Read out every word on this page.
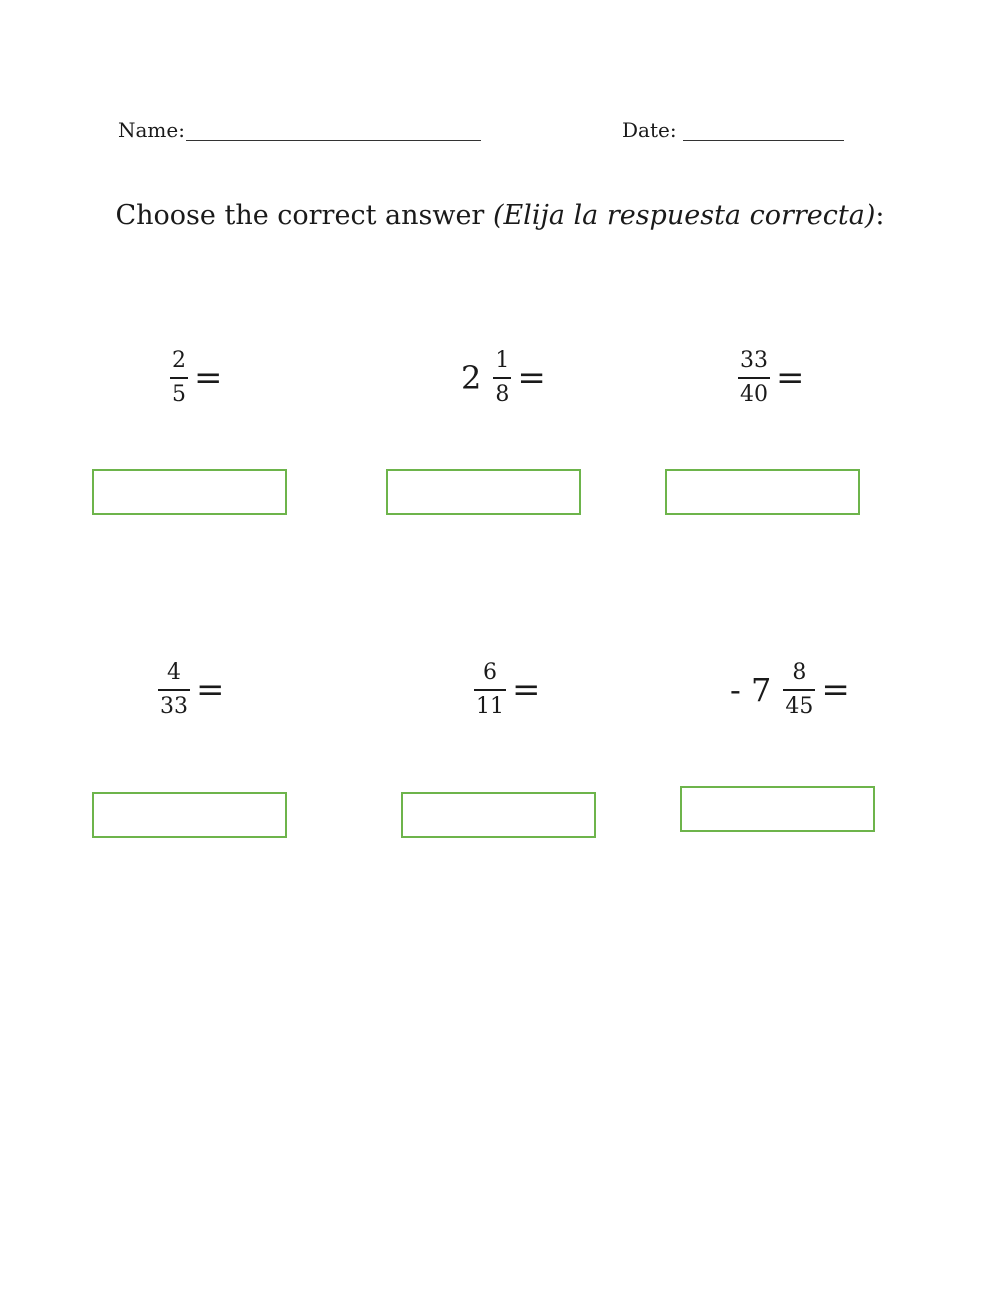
Name:	Date:
Choose the correct answer (Elija la respuesta correcta):
$\frac{2}{5}$ =	$2 \frac{1}{8}$ =	$\frac{33}{40}$ =
$\frac{4}{33}$ =	$\frac{6}{11}$ =	- $7 \frac{8}{45}$ =
